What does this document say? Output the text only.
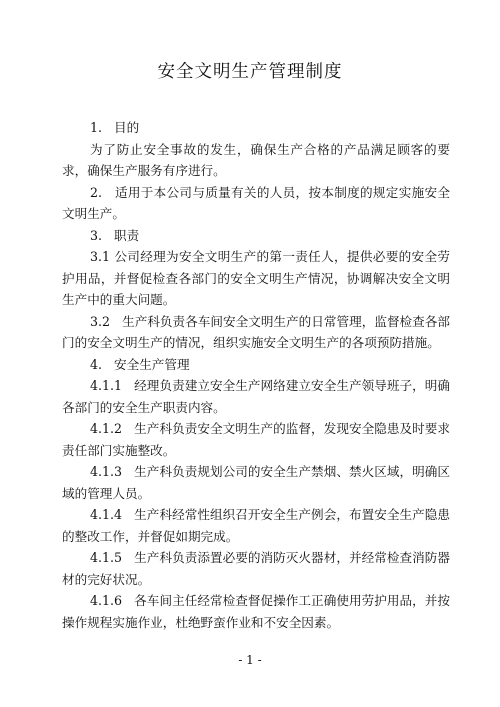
安全文明生产管理制度

1.   目的

为了防止安全事故的发生，确保生产合格的产品满足顾客的要求，确保生产服务有序进行。

2.   适用于本公司与质量有关的人员，按本制度的规定实施安全文明生产。

3.   职责

3.1 公司经理为安全文明生产的第一责任人，提供必要的安全劳护用品，并督促检查各部门的安全文明生产情况，协调解决安全文明生产中的重大问题。

3.2   生产科负责各车间安全文明生产的日常管理，监督检查各部门的安全文明生产的情况，组织实施安全文明生产的各项预防措施。

4.   安全生产管理

4.1.1   经理负责建立安全生产网络建立安全生产领导班子，明确各部门的安全生产职责内容。

4.1.2   生产科负责安全文明生产的监督，发现安全隐患及时要求责任部门实施整改。

4.1.3   生产科负责规划公司的安全生产禁烟、禁火区域，明确区域的管理人员。

4.1.4   生产科经常性组织召开安全生产例会，布置安全生产隐患的整改工作，并督促如期完成。

4.1.5   生产科负责添置必要的消防灭火器材，并经常检查消防器材的完好状况。

4.1.6   各车间主任经常检查督促操作工正确使用劳护用品，并按操作规程实施作业，杜绝野蛮作业和不安全因素。

- 1 -
